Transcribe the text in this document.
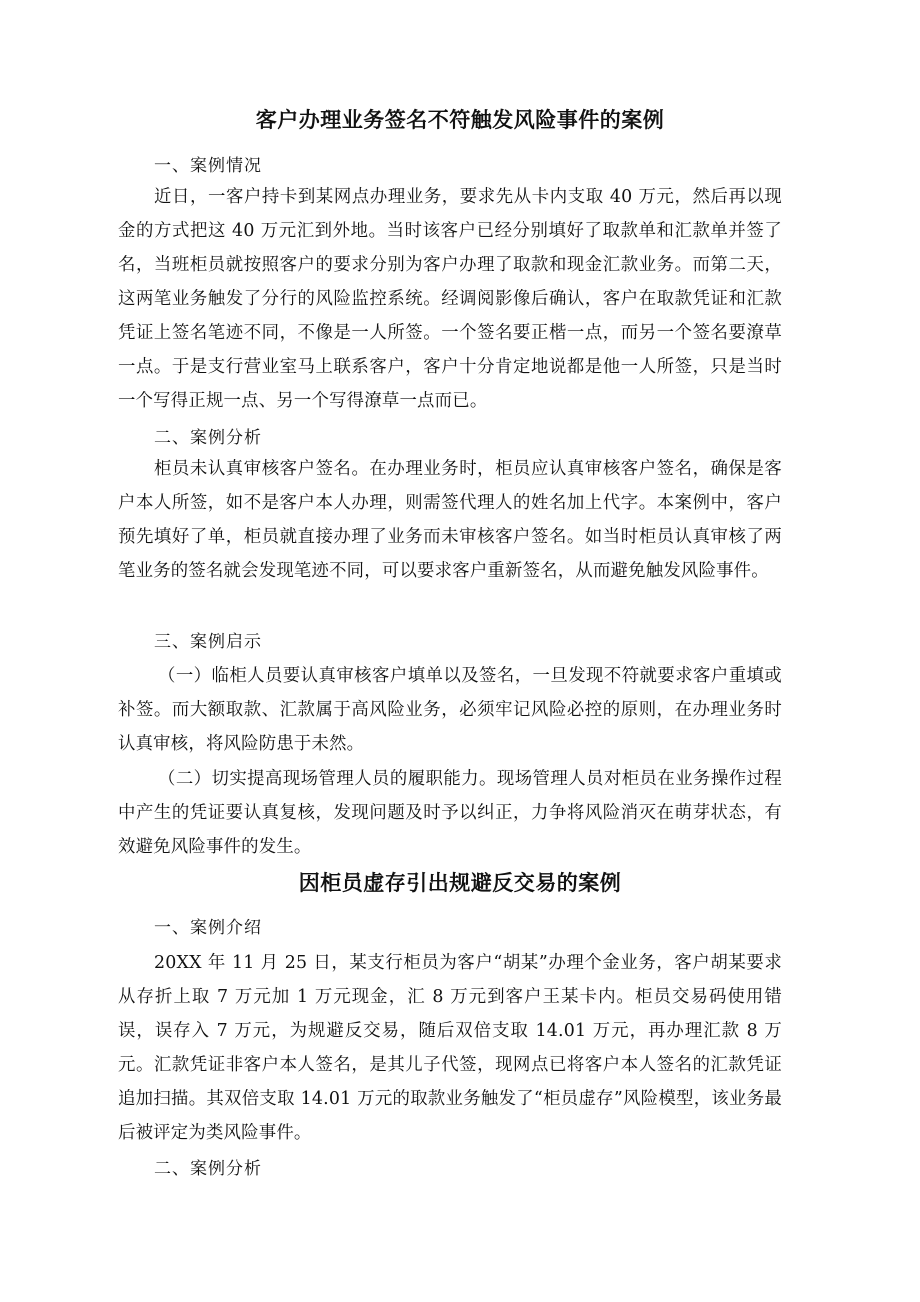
客户办理业务签名不符触发风险事件的案例

一、案例情况

近日，一客户持卡到某网点办理业务，要求先从卡内支取 40 万元，然后再以现金的方式把这 40 万元汇到外地。当时该客户已经分别填好了取款单和汇款单并签了名，当班柜员就按照客户的要求分别为客户办理了取款和现金汇款业务。而第二天，这两笔业务触发了分行的风险监控系统。经调阅影像后确认，客户在取款凭证和汇款凭证上签名笔迹不同，不像是一人所签。一个签名要正楷一点，而另一个签名要潦草一点。于是支行营业室马上联系客户，客户十分肯定地说都是他一人所签，只是当时一个写得正规一点、另一个写得潦草一点而已。

二、案例分析

柜员未认真审核客户签名。在办理业务时，柜员应认真审核客户签名，确保是客户本人所签，如不是客户本人办理，则需签代理人的姓名加上代字。本案例中，客户预先填好了单，柜员就直接办理了业务而未审核客户签名。如当时柜员认真审核了两笔业务的签名就会发现笔迹不同，可以要求客户重新签名，从而避免触发风险事件。

三、案例启示

（一）临柜人员要认真审核客户填单以及签名，一旦发现不符就要求客户重填或补签。而大额取款、汇款属于高风险业务，必须牢记风险必控的原则，在办理业务时认真审核，将风险防患于未然。

（二）切实提高现场管理人员的履职能力。现场管理人员对柜员在业务操作过程中产生的凭证要认真复核，发现问题及时予以纠正，力争将风险消灭在萌芽状态，有效避免风险事件的发生。

因柜员虚存引出规避反交易的案例

一、案例介绍

20XX 年 11 月 25 日，某支行柜员为客户“胡某”办理个金业务，客户胡某要求从存折上取 7 万元加 1 万元现金，汇 8 万元到客户王某卡内。柜员交易码使用错误，误存入 7 万元，为规避反交易，随后双倍支取 14.01 万元，再办理汇款 8 万元。汇款凭证非客户本人签名，是其儿子代签，现网点已将客户本人签名的汇款凭证追加扫描。其双倍支取 14.01 万元的取款业务触发了“柜员虚存”风险模型，该业务最后被评定为类风险事件。

二、案例分析
